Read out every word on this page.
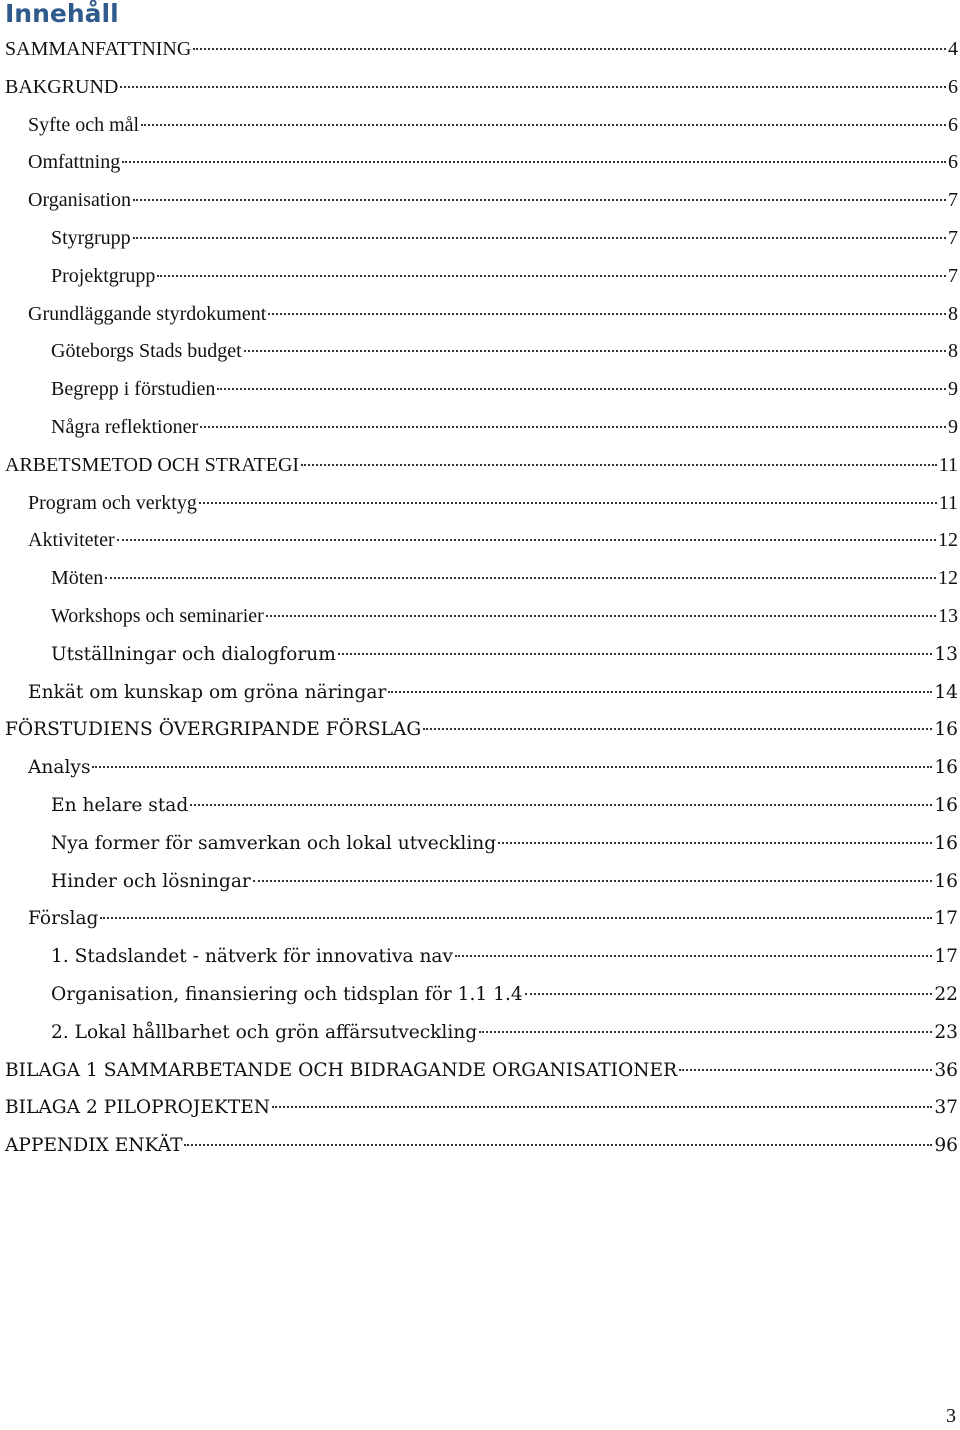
Innehåll
SAMMANFATTNING	4
BAKGRUND	6
Syfte och mål	6
Omfattning	6
Organisation	7
Styrgrupp	7
Projektgrupp	7
Grundläggande styrdokument	8
Göteborgs Stads budget	8
Begrepp i förstudien	9
Några reflektioner	9
ARBETSMETOD OCH STRATEGI	11
Program och verktyg	11
Aktiviteter	12
Möten	12
Workshops och seminarier	13
Utställningar och dialogforum	13
Enkät om kunskap om gröna näringar	14
FÖRSTUDIENS ÖVERGRIPANDE FÖRSLAG	16
Analys	16
En helare stad	16
Nya former för samverkan och lokal utveckling	16
Hinder och lösningar	16
Förslag	17
1. Stadslandet - nätverk för innovativa nav	17
Organisation, finansiering och tidsplan för 1.1 1.4	22
2. Lokal hållbarhet och grön affärsutveckling	23
BILAGA 1 SAMMARBETANDE OCH BIDRAGANDE ORGANISATIONER	36
BILAGA 2 PILOPROJEKTEN	37
APPENDIX ENKÄT	96
3
